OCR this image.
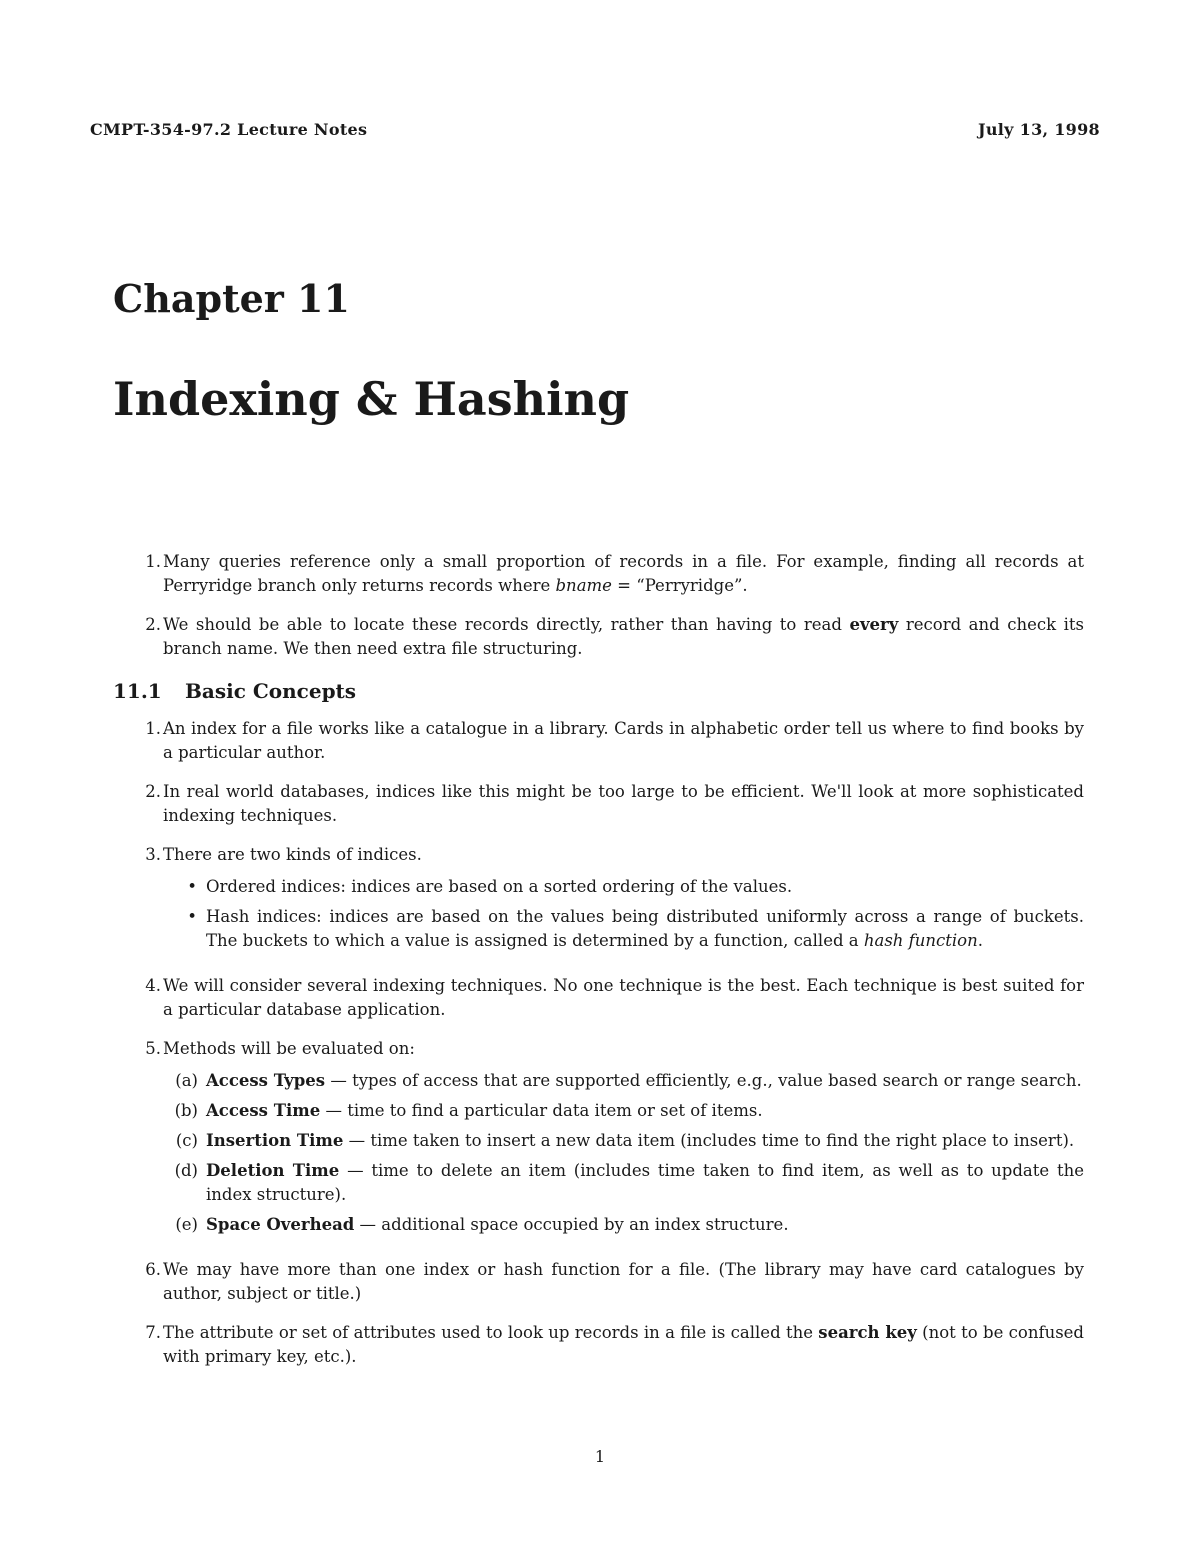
CMPT-354-97.2 Lecture Notes	July 13, 1998
Chapter 11
Indexing & Hashing
1. Many queries reference only a small proportion of records in a file. For example, finding all records at Perryridge branch only returns records where bname = “Perryridge”.
2. We should be able to locate these records directly, rather than having to read every record and check its branch name. We then need extra file structuring.
11.1	Basic Concepts
1. An index for a file works like a catalogue in a library. Cards in alphabetic order tell us where to find books by a particular author.
2. In real world databases, indices like this might be too large to be efficient. We'll look at more sophisticated indexing techniques.
3. There are two kinds of indices.
• Ordered indices: indices are based on a sorted ordering of the values.
• Hash indices: indices are based on the values being distributed uniformly across a range of buckets. The buckets to which a value is assigned is determined by a function, called a hash function.
4. We will consider several indexing techniques. No one technique is the best. Each technique is best suited for a particular database application.
5. Methods will be evaluated on:
(a) Access Types — types of access that are supported efficiently, e.g., value based search or range search.
(b) Access Time — time to find a particular data item or set of items.
(c) Insertion Time — time taken to insert a new data item (includes time to find the right place to insert).
(d) Deletion Time — time to delete an item (includes time taken to find item, as well as to update the index structure).
(e) Space Overhead — additional space occupied by an index structure.
6. We may have more than one index or hash function for a file. (The library may have card catalogues by author, subject or title.)
7. The attribute or set of attributes used to look up records in a file is called the search key (not to be confused with primary key, etc.).
1
